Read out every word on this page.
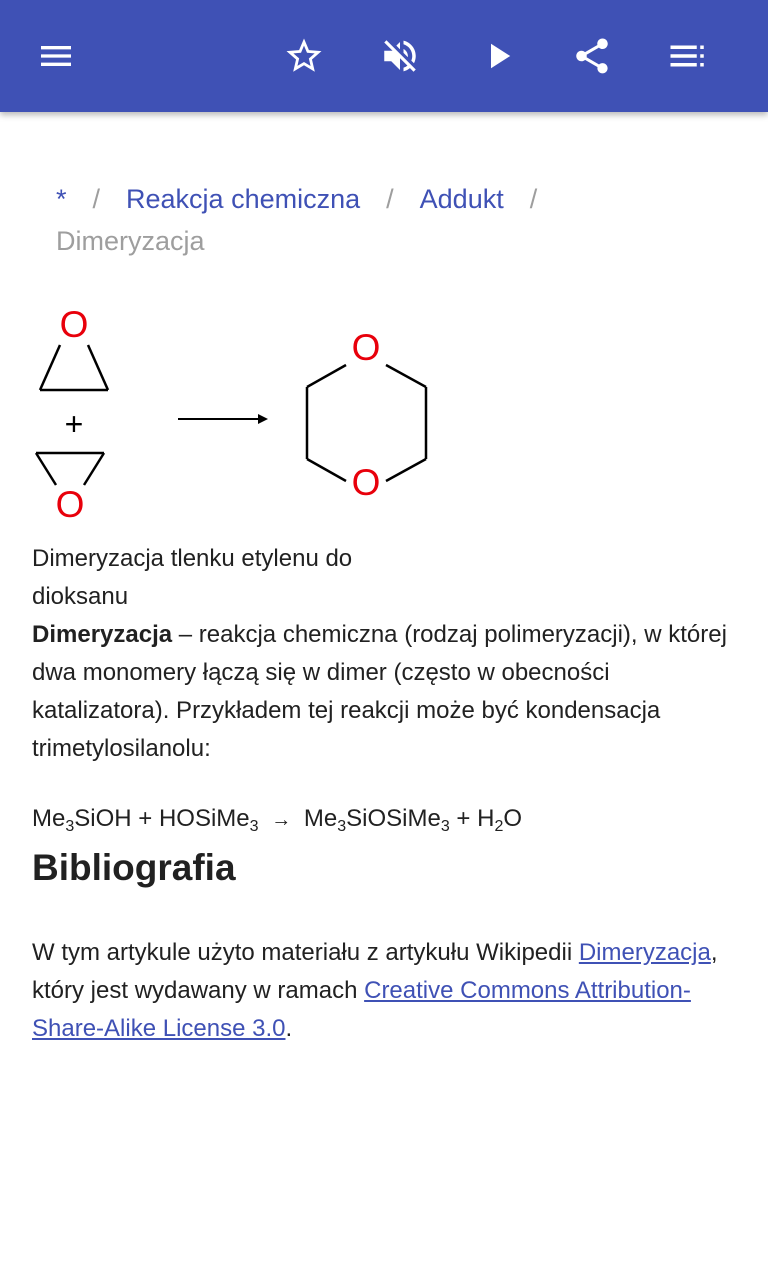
* / Reakcja chemiczna / Addukt /
Dimeryzacja
O
+
O
O
O
Dimeryzacja tlenku etylenu do dioksanu
Dimeryzacja – reakcja chemiczna (rodzaj polimeryzacji), w której dwa monomery łączą się w dimer (często w obecności katalizatora). Przykładem tej reakcji może być kondensacja trimetylosilanolu:
$Me_3SiOH$ + HOSiMe$_3$ → $Me_3SiOSiMe_3 + H_2O$
Bibliografia
W tym artykule użyto materiału z artykułu Wikipedii Dimeryzacja, który jest wydawany w ramach Creative Commons Attribution-Share-Alike License 3.0.
